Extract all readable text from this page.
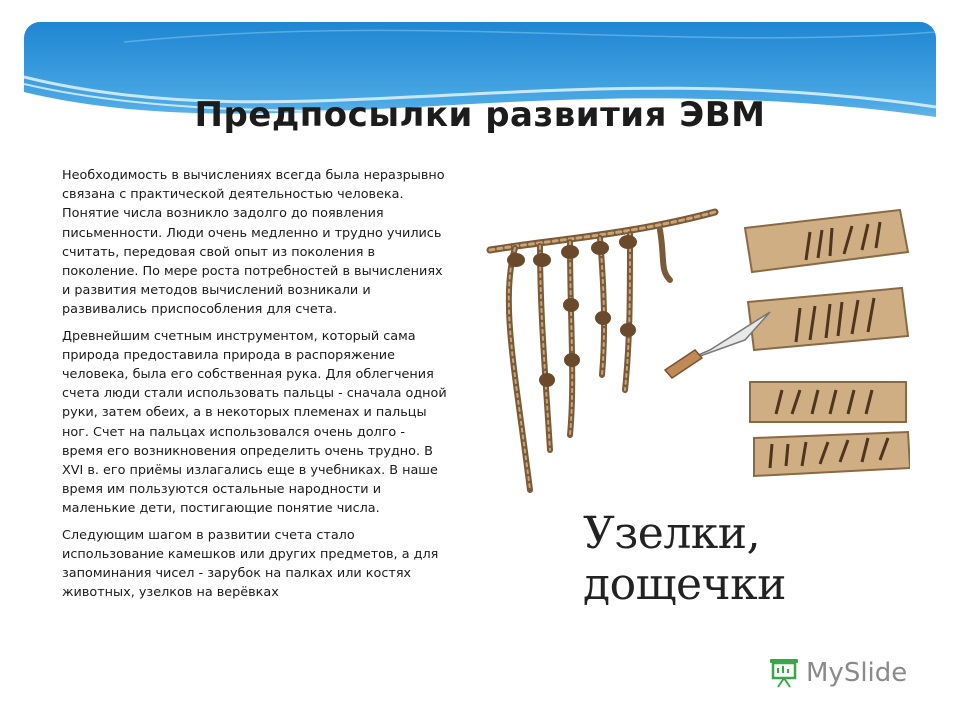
Предпосылки развития ЭВМ

Необходимость в вычислениях всегда была неразрывно связана с практической деятельностью человека. Понятие числа возникло задолго до появления письменности. Люди очень медленно и трудно учились считать, передовая свой опыт из поколения в поколение. По мере роста потребностей в вычислениях и развития методов вычислений возникали и развивались приспособления для счета.

Древнейшим счетным инструментом, который сама природа предоставила природа в распоряжение человека, была его собственная рука. Для облегчения счета люди стали использовать пальцы - сначала одной руки, затем обеих, а в некоторых племенах и пальцы ног. Счет на пальцах использовался очень долго - время его возникновения определить очень трудно. В XVI в. его приёмы излагались еще в учебниках. В наше время им пользуются остальные народности и маленькие дети, постигающие понятие числа.

Следующим шагом в развитии счета стало использование камешков или других предметов, а для запоминания чисел - зарубок на палках или костях животных, узелков на верёвках

Узелки, дощечки
MySlide
